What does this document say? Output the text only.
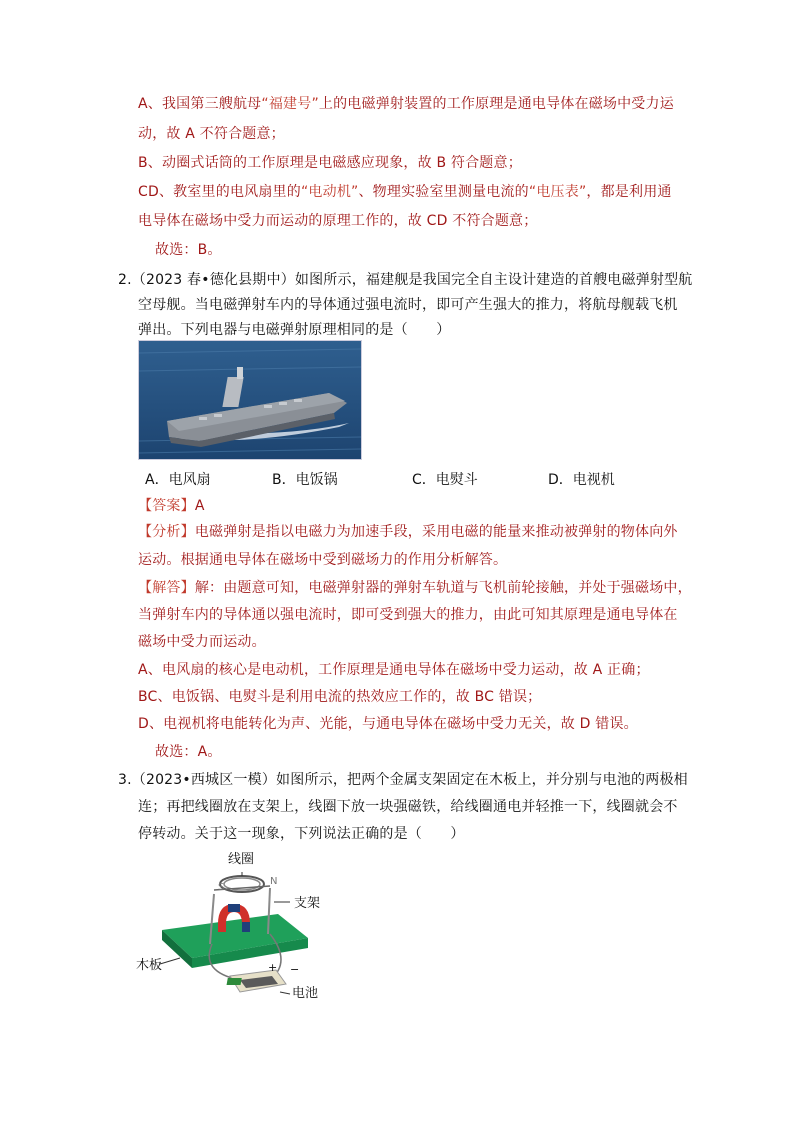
A、我国第三艘航母“福建号”上的电磁弹射装置的工作原理是通电导体在磁场中受力运
动，故 A 不符合题意；
B、动圈式话筒的工作原理是电磁感应现象，故 B 符合题意；
CD、教室里的电风扇里的“电动机”、物理实验室里测量电流的“电压表”，都是利用通
电导体在磁场中受力而运动的原理工作的，故 CD 不符合题意；
故选：B。
2.（2023 春•德化县期中）如图所示，福建舰是我国完全自主设计建造的首艘电磁弹射型航
空母舰。当电磁弹射车内的导体通过强电流时，即可产生强大的推力，将航母舰载飞机
弹出。下列电器与电磁弹射原理相同的是（　　）
A．电风扇	B．电饭锅	C．电熨斗	D．电视机
【答案】A
【分析】电磁弹射是指以电磁力为加速手段，采用电磁的能量来推动被弹射的物体向外
运动。根据通电导体在磁场中受到磁场力的作用分析解答。
【解答】解：由题意可知，电磁弹射器的弹射车轨道与飞机前轮接触，并处于强磁场中，
当弹射车内的导体通以强电流时，即可受到强大的推力，由此可知其原理是通电导体在
磁场中受力而运动。
A、电风扇的核心是电动机，工作原理是通电导体在磁场中受力运动，故 A 正确；
BC、电饭锅、电熨斗是利用电流的热效应工作的，故 BC 错误；
D、电视机将电能转化为声、光能，与通电导体在磁场中受力无关，故 D 错误。
故选：A。
3.（2023•西城区一模）如图所示，把两个金属支架固定在木板上，并分别与电池的两极相
连；再把线圈放在支架上，线圈下放一块强磁铁，给线圈通电并轻推一下，线圈就会不
停转动。关于这一现象，下列说法正确的是（　　）
线圈
支架
木板
电池
+ −
N
S
